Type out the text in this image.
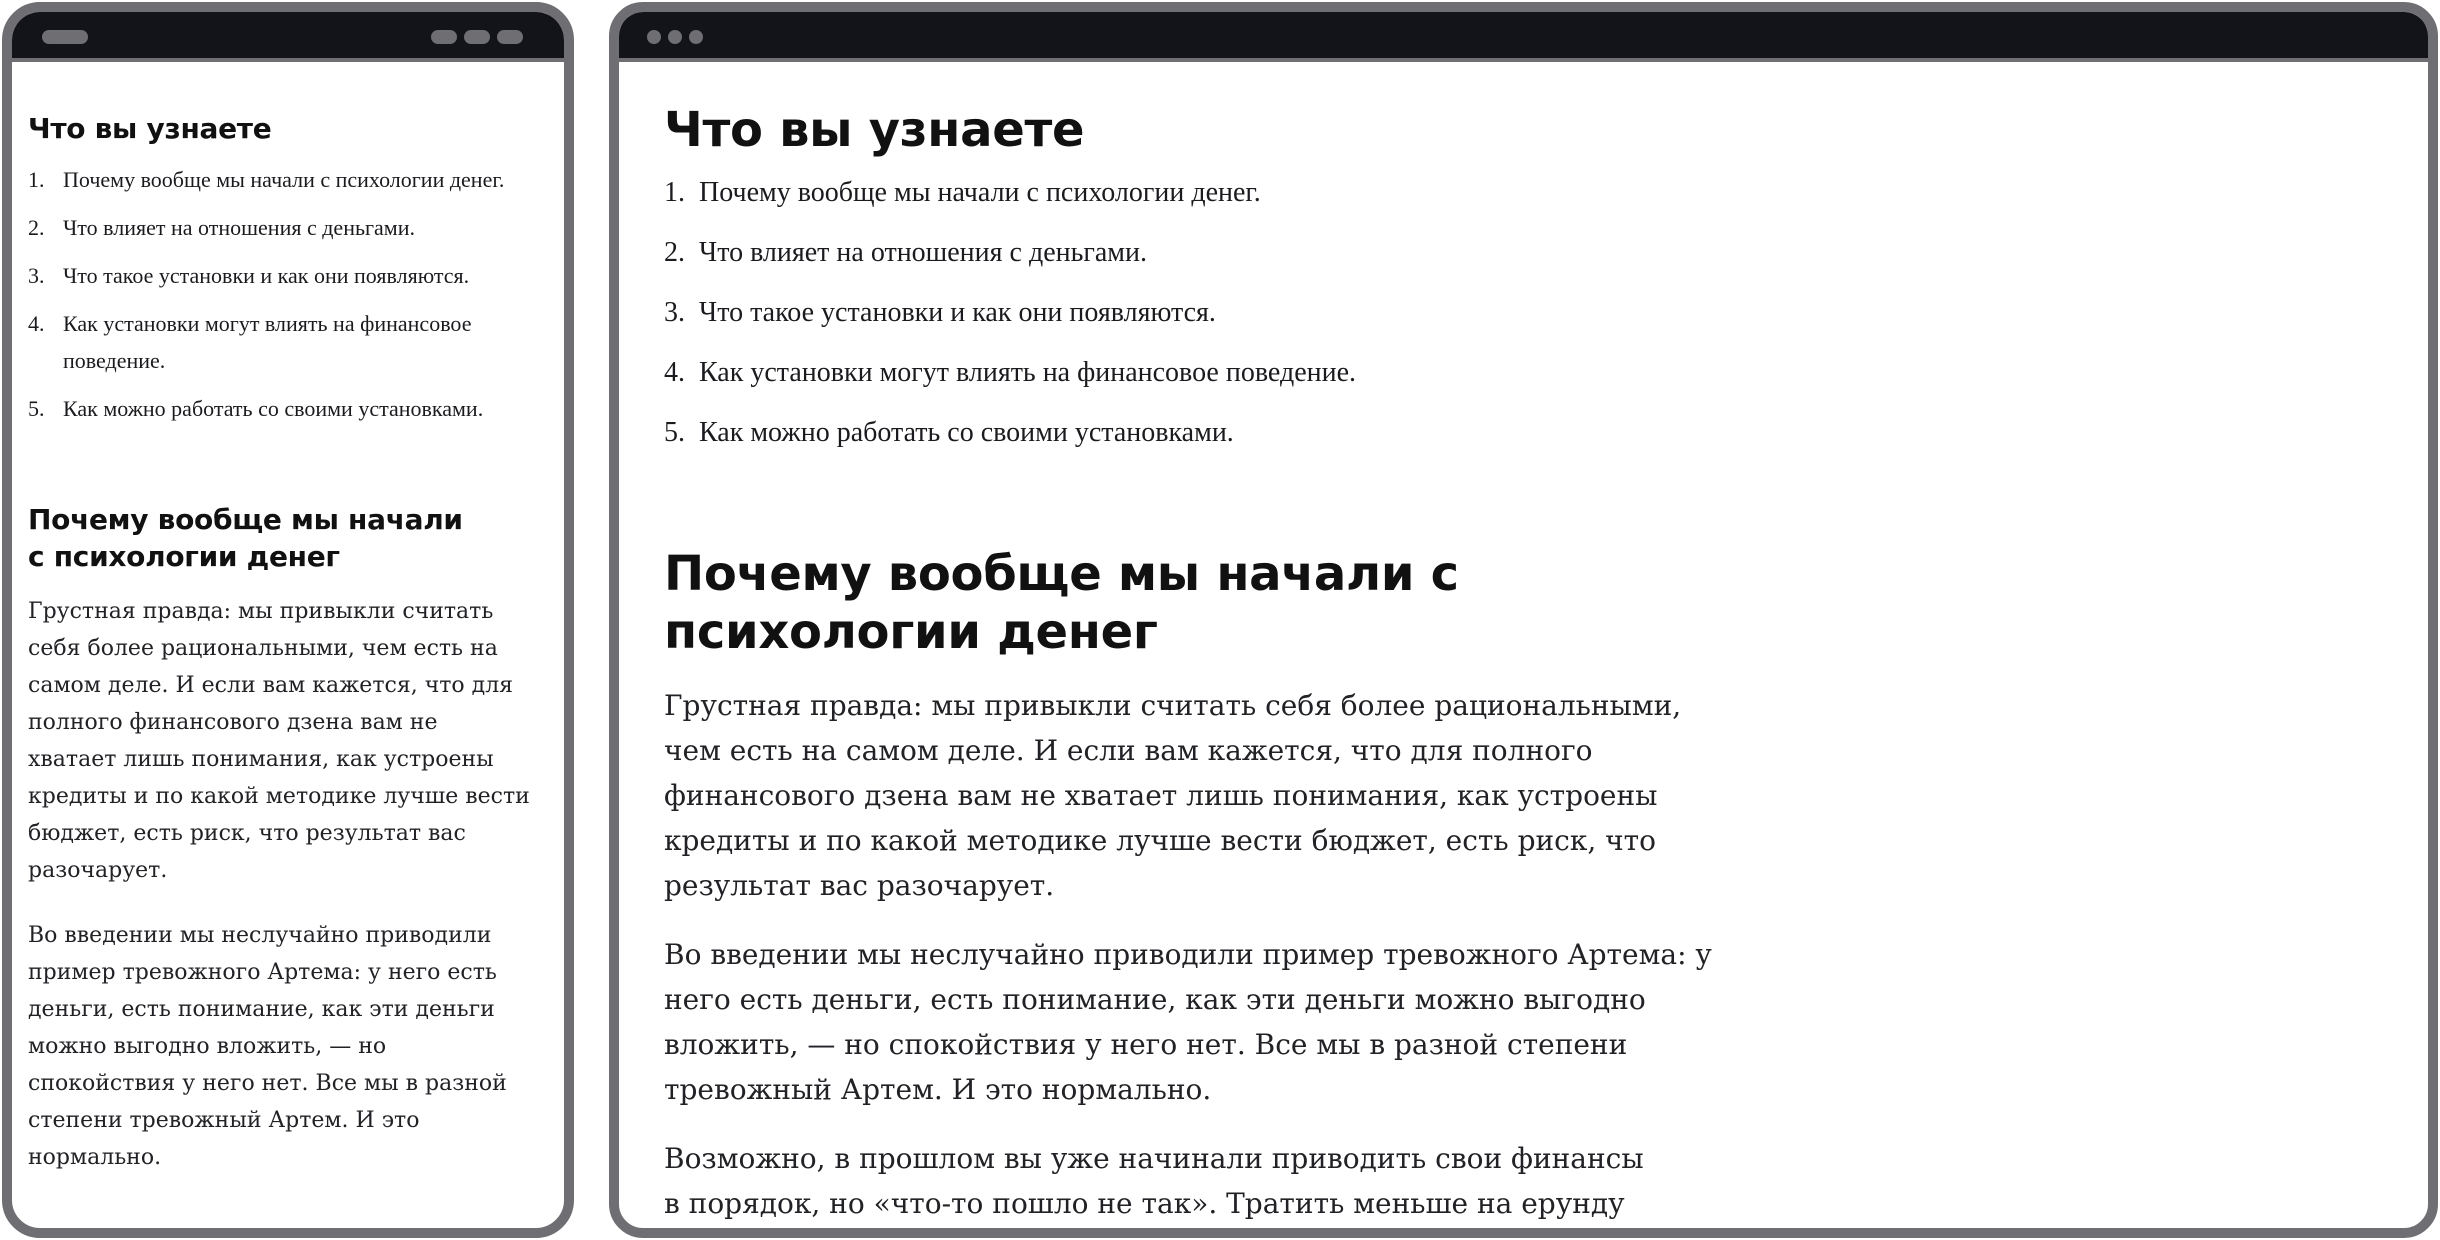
Что вы узнаете
1. Почему вообще мы начали с психологии денег.
2. Что влияет на отношения с деньгами.
3. Что такое установки и как они появляются.
4. Как установки могут влиять на финансовое поведение.
5. Как можно работать со своими установками.
Почему вообще мы начали с психологии денег

Грустная правда: мы привыкли считать себя более рациональными, чем есть на самом деле. И если вам кажется, что для полного финансового дзена вам не хватает лишь понимания, как устроены кредиты и по какой методике лучше вести бюджет, есть риск, что результат вас разочарует.

Во введении мы неслучайно приводили пример тревожного Артема: у него есть деньги, есть понимание, как эти деньги можно выгодно вложить, — но спокойствия у него нет. Все мы в разной степени тревожный Артем. И это нормально.

Что вы узнаете
1. Почему вообще мы начали с психологии денег.
2. Что влияет на отношения с деньгами.
3. Что такое установки и как они появляются.
4. Как установки могут влиять на финансовое поведение.
5. Как можно работать со своими установками.
Почему вообще мы начали с психологии денег

Грустная правда: мы привыкли считать себя более рациональными, чем есть на самом деле. И если вам кажется, что для полного финансового дзена вам не хватает лишь понимания, как устроены кредиты и по какой методике лучше вести бюджет, есть риск, что результат вас разочарует.

Во введении мы неслучайно приводили пример тревожного Артема: у него есть деньги, есть понимание, как эти деньги можно выгодно вложить, — но спокойствия у него нет. Все мы в разной степени тревожный Артем. И это нормально.

Возможно, в прошлом вы уже начинали приводить свои финансы в порядок, но «что-то пошло не так». Тратить меньше на ерунду
